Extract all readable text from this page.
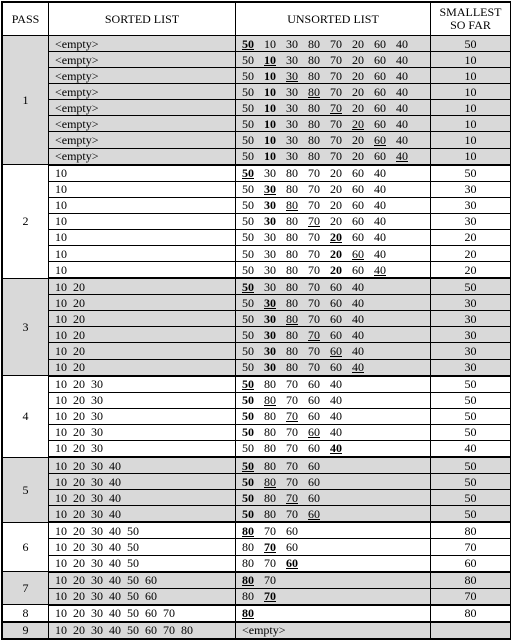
PASS	SORTED LIST	UNSORTED LIST	SMALLEST
SO FAR
1	<empty>	50 10 30 80 70 20 60 40	50
	<empty>	50 10 30 80 70 20 60 40	10
	<empty>	50 10 30 80 70 20 60 40	10
	<empty>	50 10 30 80 70 20 60 40	10
	<empty>	50 10 30 80 70 20 60 40	10
	<empty>	50 10 30 80 70 20 60 40	10
	<empty>	50 10 30 80 70 20 60 40	10
	<empty>	50 10 30 80 70 20 60 40	10
2	10	50 30 80 70 20 60 40	50
	10	50 30 80 70 20 60 40	30
	10	50 30 80 70 20 60 40	30
	10	50 30 80 70 20 60 40	30
	10	50 30 80 70 20 60 40	20
	10	50 30 80 70 20 60 40	20
	10	50 30 80 70 20 60 40	20
3	10  20	50 30 80 70 60 40	50
	10  20	50 30 80 70 60 40	30
	10  20	50 30 80 70 60 40	30
	10  20	50 30 80 70 60 40	30
	10  20	50 30 80 70 60 40	30
	10  20	50 30 80 70 60 40	30
4	10  20  30	50 80 70 60 40	50
	10  20  30	50 80 70 60 40	50
	10  20  30	50 80 70 60 40	50
	10  20  30	50 80 70 60 40	50
	10  20  30	50 80 70 60 40	40
5	10  20  30  40	50 80 70 60	50
	10  20  30  40	50 80 70 60	50
	10  20  30  40	50 80 70 60	50
	10  20  30  40	50 80 70 60	50
6	10  20  30  40  50	80 70 60	80
	10  20  30  40  50	80 70 60	70
	10  20  30  40  50	80 70 60	60
7	10  20  30  40  50  60	80 70	80
	10  20  30  40  50  60	80 70	70
8	10  20  30  40  50  60  70	80	80
9	10  20  30  40  50  60  70  80	<empty>	
